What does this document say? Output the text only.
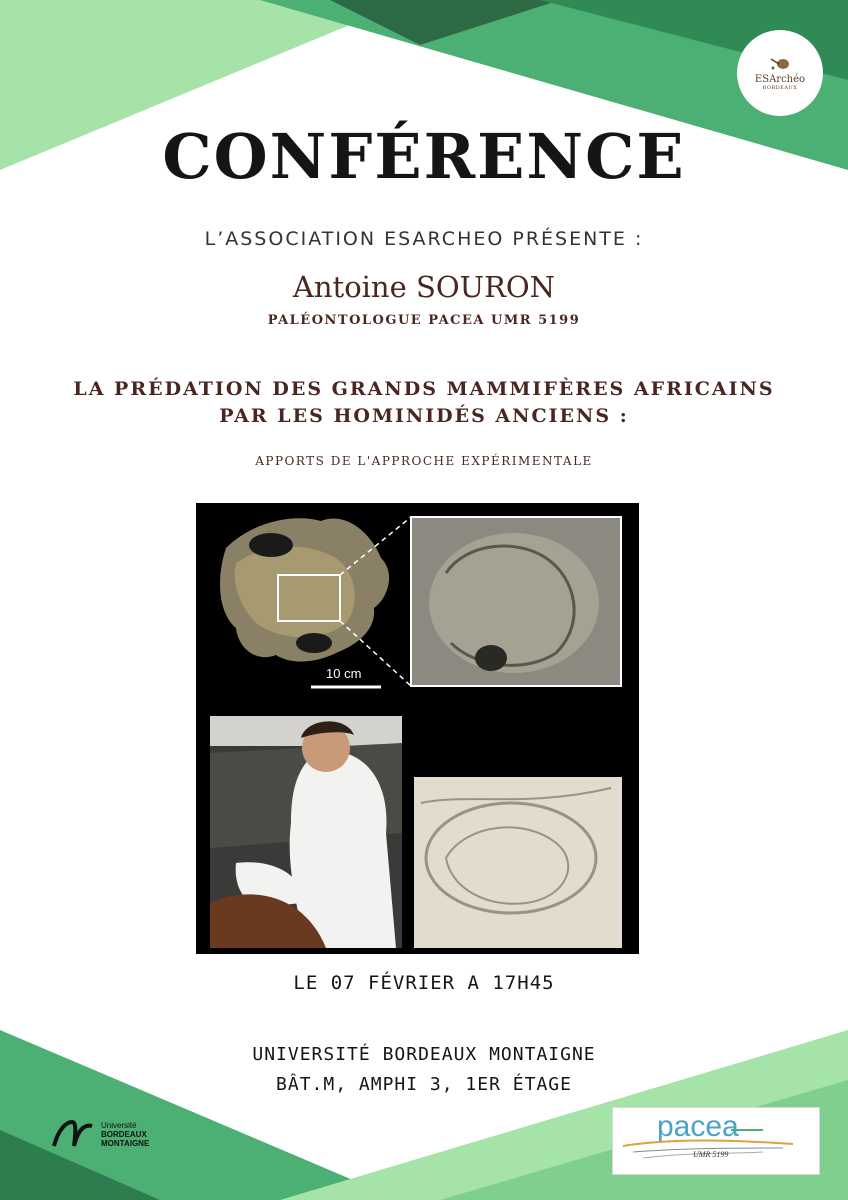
ESArchéo
BORDEAUX
CONFÉRENCE
L’ASSOCIATION ESARCHEO PRÉSENTE :
Antoine SOURON
PALÉONTOLOGUE PACEA UMR 5199
LA PRÉDATION DES GRANDS MAMMIFÈRES AFRICAINS
PAR LES HOMINIDÉS ANCIENS :
APPORTS DE L'APPROCHE EXPÉRIMENTALE
10 cm
LE 07 FÉVRIER A 17H45
UNIVERSITÉ BORDEAUX MONTAIGNE
BÂT.M, AMPHI 3, 1ER ÉTAGE
Université
BORDEAUX
MONTAIGNE	pacea
UMR 5199
